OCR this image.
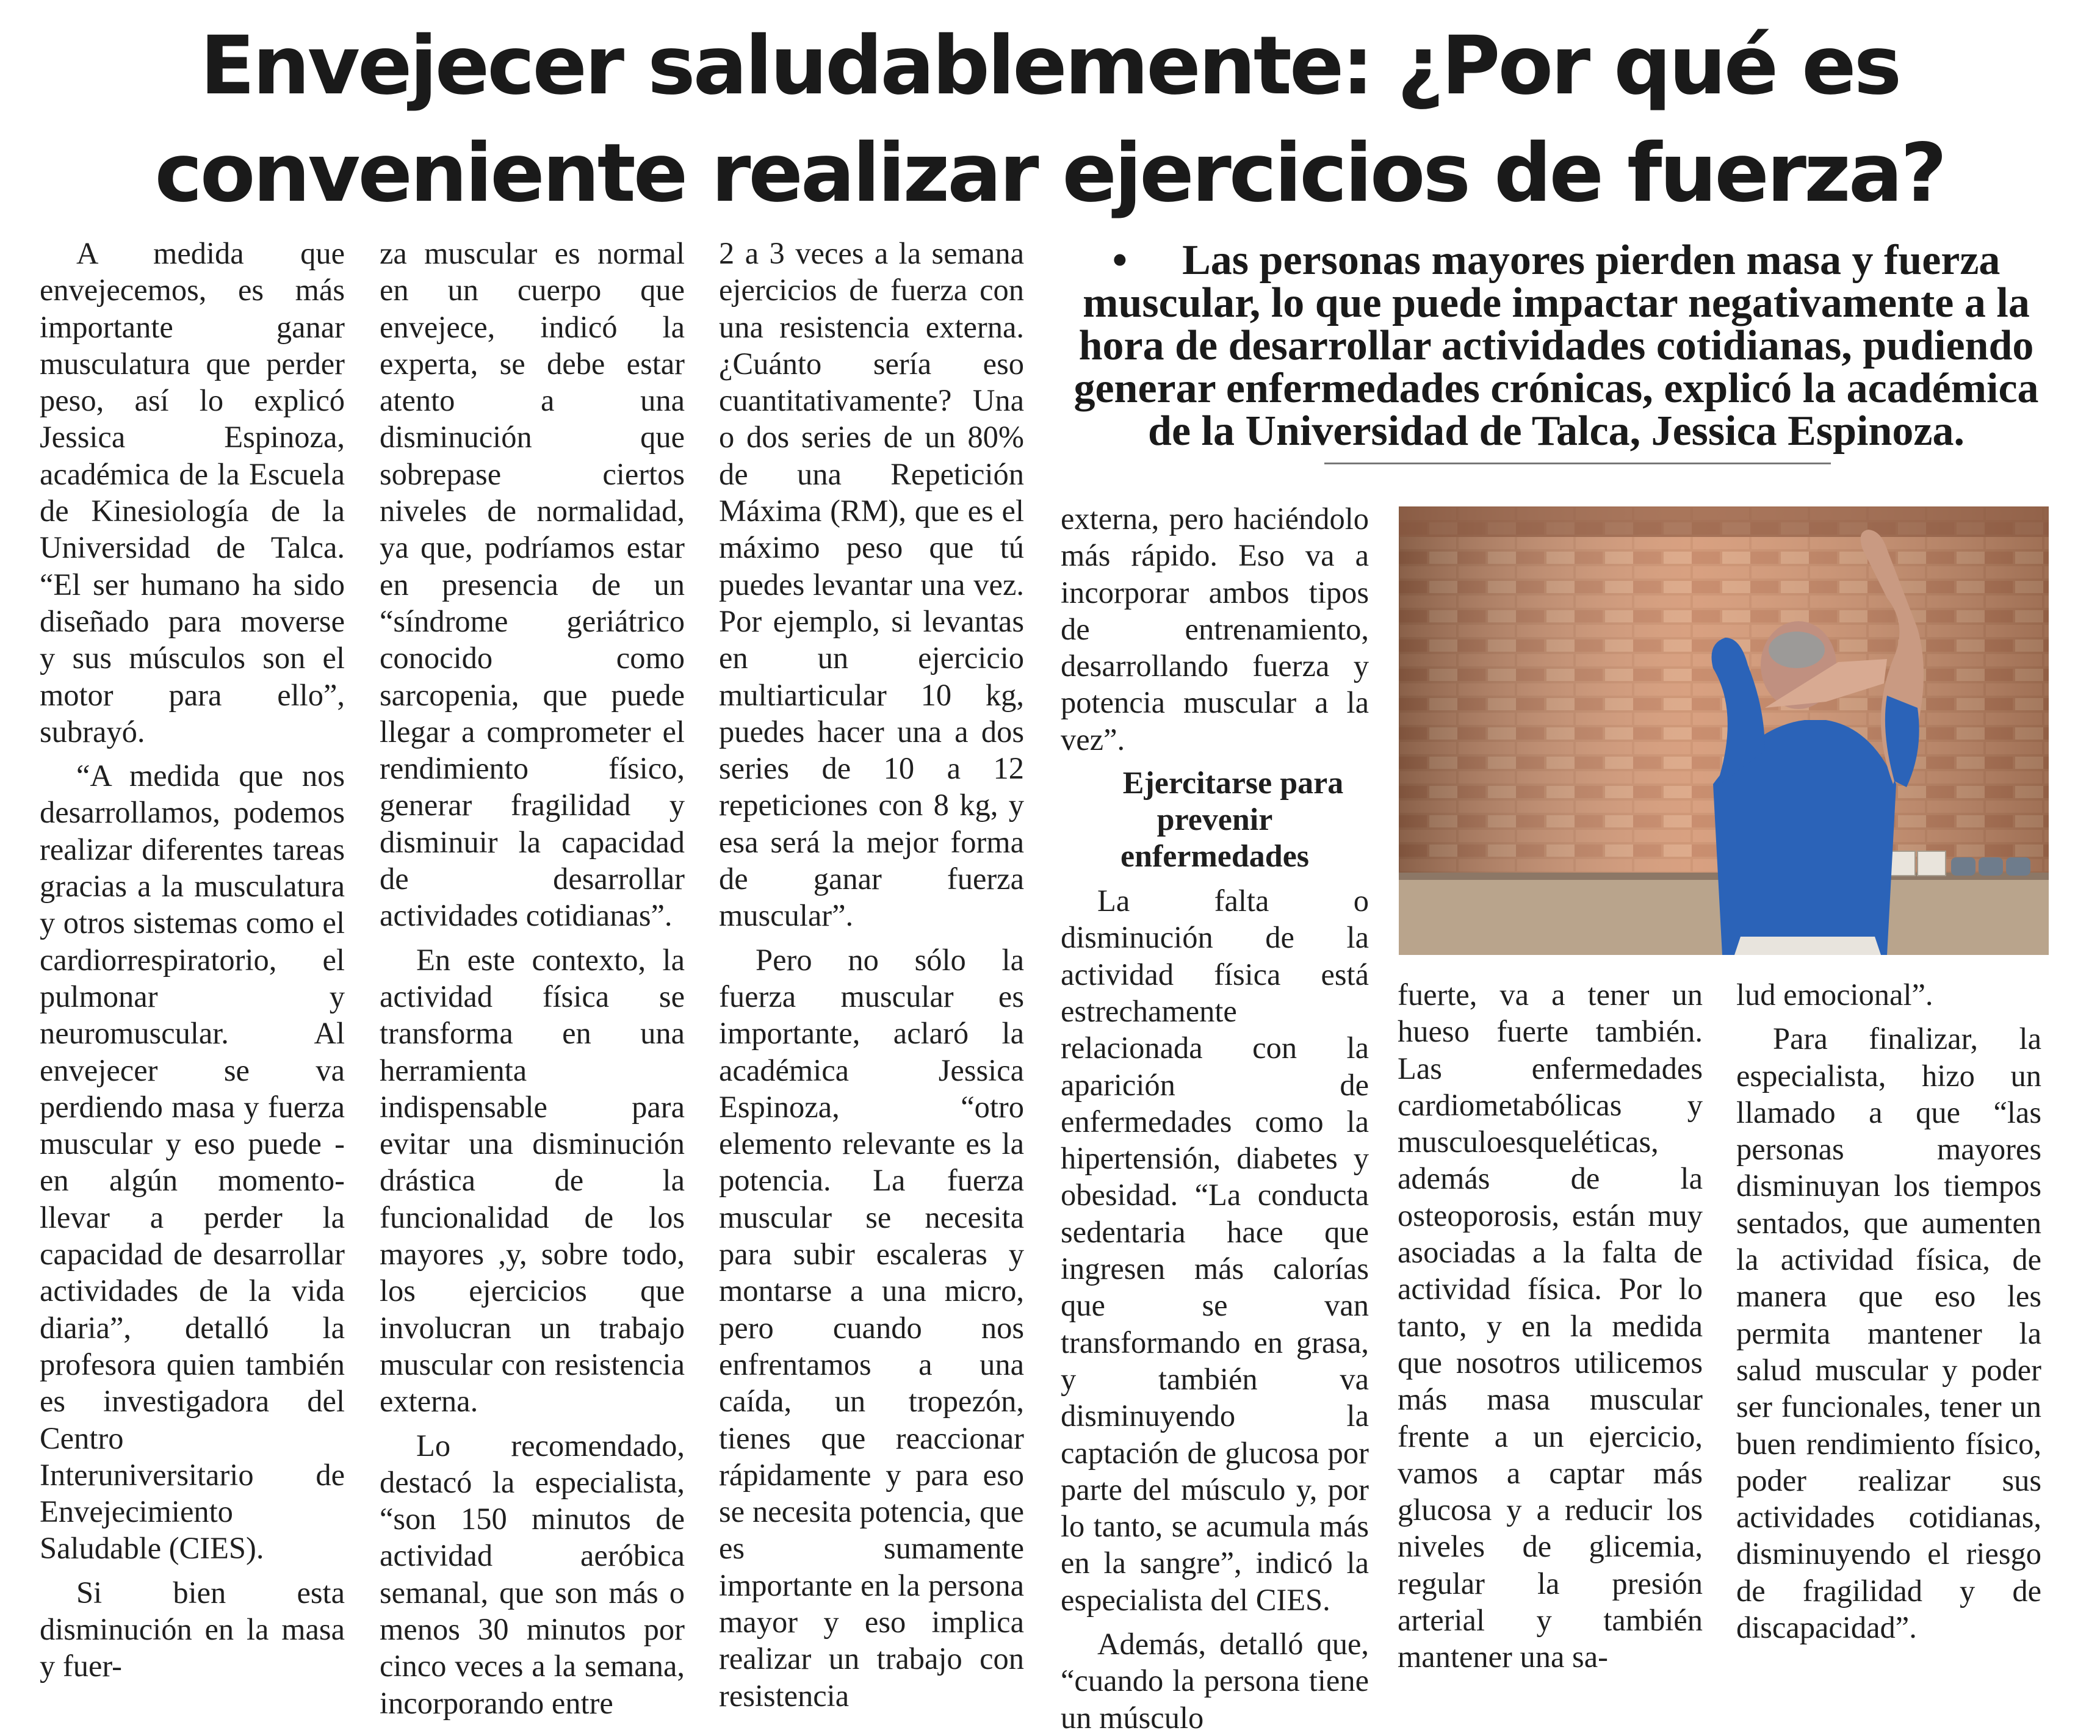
Envejecer saludablemente: ¿Por qué es
conveniente realizar ejercicios de fuerza?

A medida que envejecemos, es más importante ganar musculatura que perder peso, así lo explicó Jessica Espinoza, académica de la Escuela de Kinesiología de la Universidad de Talca. “El ser humano ha sido diseñado para moverse y sus músculos son el motor para ello”, subrayó.

“A medida que nos desarrollamos, podemos realizar diferentes tareas gracias a la musculatura y otros sistemas como el cardiorrespiratorio, el pulmonar y neuromuscular. Al envejecer se va perdiendo masa y fuerza muscular y eso puede -en algún momento- llevar a perder la capacidad de desarrollar actividades de la vida diaria”, detalló la profesora quien también es investigadora del Centro Interuniversitario de Envejecimiento Saludable (CIES).

Si bien esta disminución en la masa y fuer-

za muscular es normal en un cuerpo que envejece, indicó la experta, se debe estar atento a una disminución que sobrepase ciertos niveles de normalidad, ya que, podríamos estar en presencia de un “síndrome geriátrico conocido como sarcopenia, que puede llegar a comprometer el rendimiento físico, generar fragilidad y disminuir la capacidad de desarrollar actividades cotidianas”.

En este contexto, la actividad física se transforma en una herramienta indispensable para evitar una disminución drástica de la funcionalidad de los mayores ,y, sobre todo, los ejercicios que involucran un trabajo muscular con resistencia externa.

Lo recomendado, destacó la especialista, “son 150 minutos de actividad aeróbica semanal, que son más o menos 30 minutos por cinco veces a la semana, incorporando entre

2 a 3 veces a la semana ejercicios de fuerza con una resistencia externa. ¿Cuánto sería eso cuantitativamente? Una o dos series de un 80% de una Repetición Máxima (RM), que es el máximo peso que tú puedes levantar una vez. Por ejemplo, si levantas en un ejercicio multiarticular 10 kg, puedes hacer una a dos series de 10 a 12 repeticiones con 8 kg, y esa será la mejor forma de ganar fuerza muscular”.

Pero no sólo la fuerza muscular es importante, aclaró la académica Jessica Espinoza, “otro elemento relevante es la potencia. La fuerza muscular se necesita para subir escaleras y montarse a una micro, pero cuando nos enfrentamos a una caída, un tropezón, tienes que reaccionar rápidamente y para eso se necesita potencia, que es sumamente importante en la persona mayor y eso implica realizar un trabajo con resistencia

• Las personas mayores pierden masa y fuerza muscular, lo que puede impactar negativamente a la hora de desarrollar actividades cotidianas, pudiendo generar enfermedades crónicas, explicó la académica de la Universidad de Talca, Jessica Espinoza.

externa, pero haciéndolo más rápido. Eso va a incorporar ambos tipos de entrenamiento, desarrollando fuerza y potencia muscular a la vez”.

Ejercitarse para prevenir enfermedades

La falta o disminución de la actividad física está estrechamente relacionada con la aparición de enfermedades como la hipertensión, diabetes y obesidad. “La conducta sedentaria hace que ingresen más calorías que se van transformando en grasa, y también va disminuyendo la captación de glucosa por parte del músculo y, por lo tanto, se acumula más en la sangre”, indicó la especialista del CIES.

Además, detalló que, “cuando la persona tiene un músculo

fuerte, va a tener un hueso fuerte también. Las enfermedades cardiometabólicas y musculoesqueléticas, además de la osteoporosis, están muy asociadas a la falta de actividad física. Por lo tanto, y en la medida que nosotros utilicemos más masa muscular frente a un ejercicio, vamos a captar más glucosa y a reducir los niveles de glicemia, regular la presión arterial y también mantener una sa-

lud emocional”.

Para finalizar, la especialista, hizo un llamado a que “las personas mayores disminuyan los tiempos sentados, que aumenten la actividad física, de manera que eso les permita mantener la salud muscular y poder ser funcionales, tener un buen rendimiento físico, poder realizar sus actividades cotidianas, disminuyendo el riesgo de fragilidad y de discapacidad”.
